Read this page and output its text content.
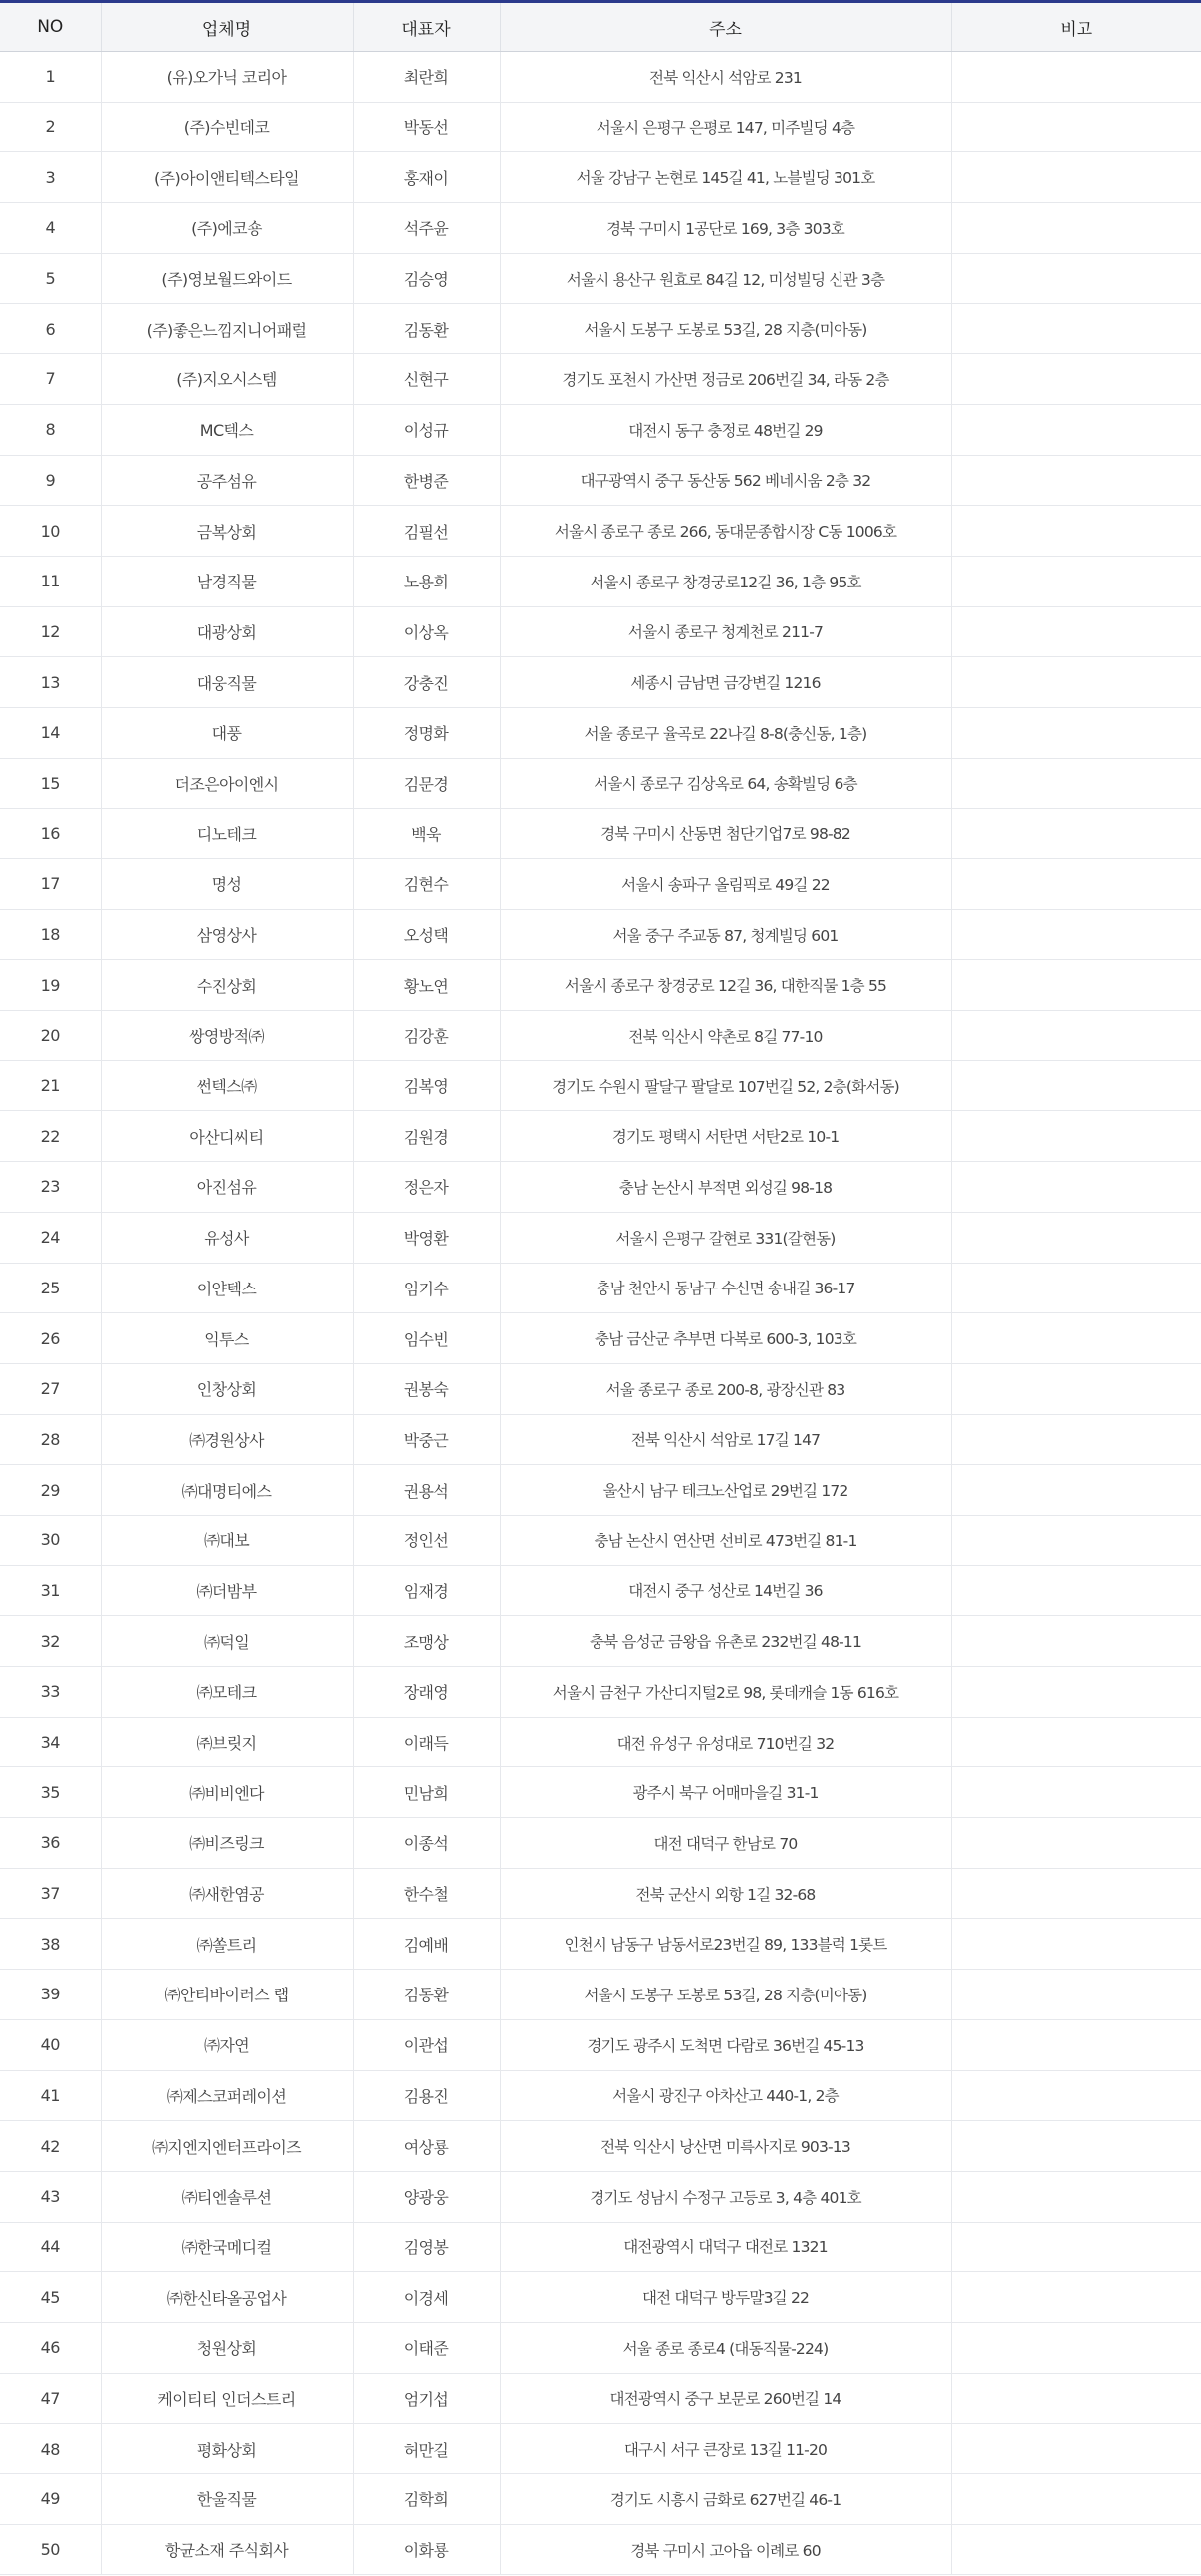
NO	업체명	대표자	주소	비고
1	(유)오가닉 코리아	최란희	전북 익산시 석암로 231	
2	(주)수빈데코	박동선	서울시 은평구 은평로 147, 미주빌딩 4층	
3	(주)아이앤티텍스타일	홍재이	서울 강남구 논현로 145길 41, 노블빌딩 301호	
4	(주)에코숑	석주윤	경북 구미시 1공단로 169, 3층 303호	
5	(주)영보월드와이드	김승영	서울시 용산구 원효로 84길 12, 미성빌딩 신관 3층	
6	(주)좋은느낌지니어패럴	김동환	서울시 도봉구 도봉로 53길, 28 지층(미아동)	
7	(주)지오시스템	신현구	경기도 포천시 가산면 정금로 206번길 34, 라동 2층	
8	MC텍스	이성규	대전시 동구 충정로 48번길 29	
9	공주섬유	한병준	대구광역시 중구 동산동 562 베네시움 2층 32	
10	금복상회	김필선	서울시 종로구 종로 266, 동대문종합시장 C동 1006호	
11	남경직물	노용희	서울시 종로구 창경궁로12길 36, 1층 95호	
12	대광상회	이상옥	서울시 종로구 청계천로 211-7	
13	대웅직물	강충진	세종시 금남면 금강변길 1216	
14	대풍	정명화	서울 종로구 율곡로 22나길 8-8(충신동, 1층)	
15	더조은아이엔시	김문경	서울시 종로구 김상옥로 64, 송확빌딩 6층	
16	디노테크	백욱	경북 구미시 산동면 첨단기업7로 98-82	
17	명성	김현수	서울시 송파구 올림픽로 49길 22	
18	삼영상사	오성택	서울 중구 주교동 87, 청계빌딩 601	
19	수진상회	황노연	서울시 종로구 창경궁로 12길 36, 대한직물 1층 55	
20	쌍영방적㈜	김강훈	전북 익산시 약촌로 8길 77-10	
21	썬텍스㈜	김복영	경기도 수원시 팔달구 팔달로 107번길 52, 2층(화서동)	
22	아산디씨티	김원경	경기도 평택시 서탄면 서탄2로 10-1	
23	아진섬유	정은자	충남 논산시 부적면 외성길 98-18	
24	유성사	박영환	서울시 은평구 갈현로 331(갈현동)	
25	이얀텍스	임기수	충남 천안시 동남구 수신면 송내길 36-17	
26	익투스	임수빈	충남 금산군 추부면 다복로 600-3, 103호	
27	인창상회	권봉숙	서울 종로구 종로 200-8, 광장신관 83	
28	㈜경원상사	박중근	전북 익산시 석암로 17길 147	
29	㈜대명티에스	권용석	울산시 남구 테크노산업로 29번길 172	
30	㈜대보	정인선	충남 논산시 연산면 선비로 473번길 81-1	
31	㈜더밤부	임재경	대전시 중구 성산로 14번길 36	
32	㈜덕일	조맹상	충북 음성군 금왕읍 유촌로 232번길 48-11	
33	㈜모테크	장래영	서울시 금천구 가산디지털2로 98, 롯데캐슬 1동 616호	
34	㈜브릿지	이래득	대전 유성구 유성대로 710번길 32	
35	㈜비비엔다	민남희	광주시 북구 어매마을길 31-1	
36	㈜비즈링크	이종석	대전 대덕구 한남로 70	
37	㈜새한염공	한수철	전북 군산시 외항 1길 32-68	
38	㈜쏠트리	김예배	인천시 남동구 남동서로23번길 89, 133블럭 1롯트	
39	㈜안티바이러스 랩	김동환	서울시 도봉구 도봉로 53길, 28 지층(미아동)	
40	㈜자연	이관섭	경기도 광주시 도척면 다람로 36번길 45-13	
41	㈜제스코퍼레이션	김용진	서울시 광진구 아차산고 440-1, 2층	
42	㈜지엔지엔터프라이즈	여상룡	전북 익산시 낭산면 미륵사지로 903-13	
43	㈜티엔솔루션	양광웅	경기도 성남시 수정구 고등로 3, 4층 401호	
44	㈜한국메디컬	김영봉	대전광역시 대덕구 대전로 1321	
45	㈜한신타올공업사	이경세	대전 대덕구 방두말3길 22	
46	청원상회	이태준	서울 종로 종로4 (대동직물-224)	
47	케이티티 인더스트리	엄기섭	대전광역시 중구 보문로 260번길 14	
48	평화상회	허만길	대구시 서구 큰장로 13길 11-20	
49	한울직물	김학희	경기도 시흥시 금화로 627번길 46-1	
50	항균소재 주식회사	이화룡	경북 구미시 고아읍 이례로 60	
